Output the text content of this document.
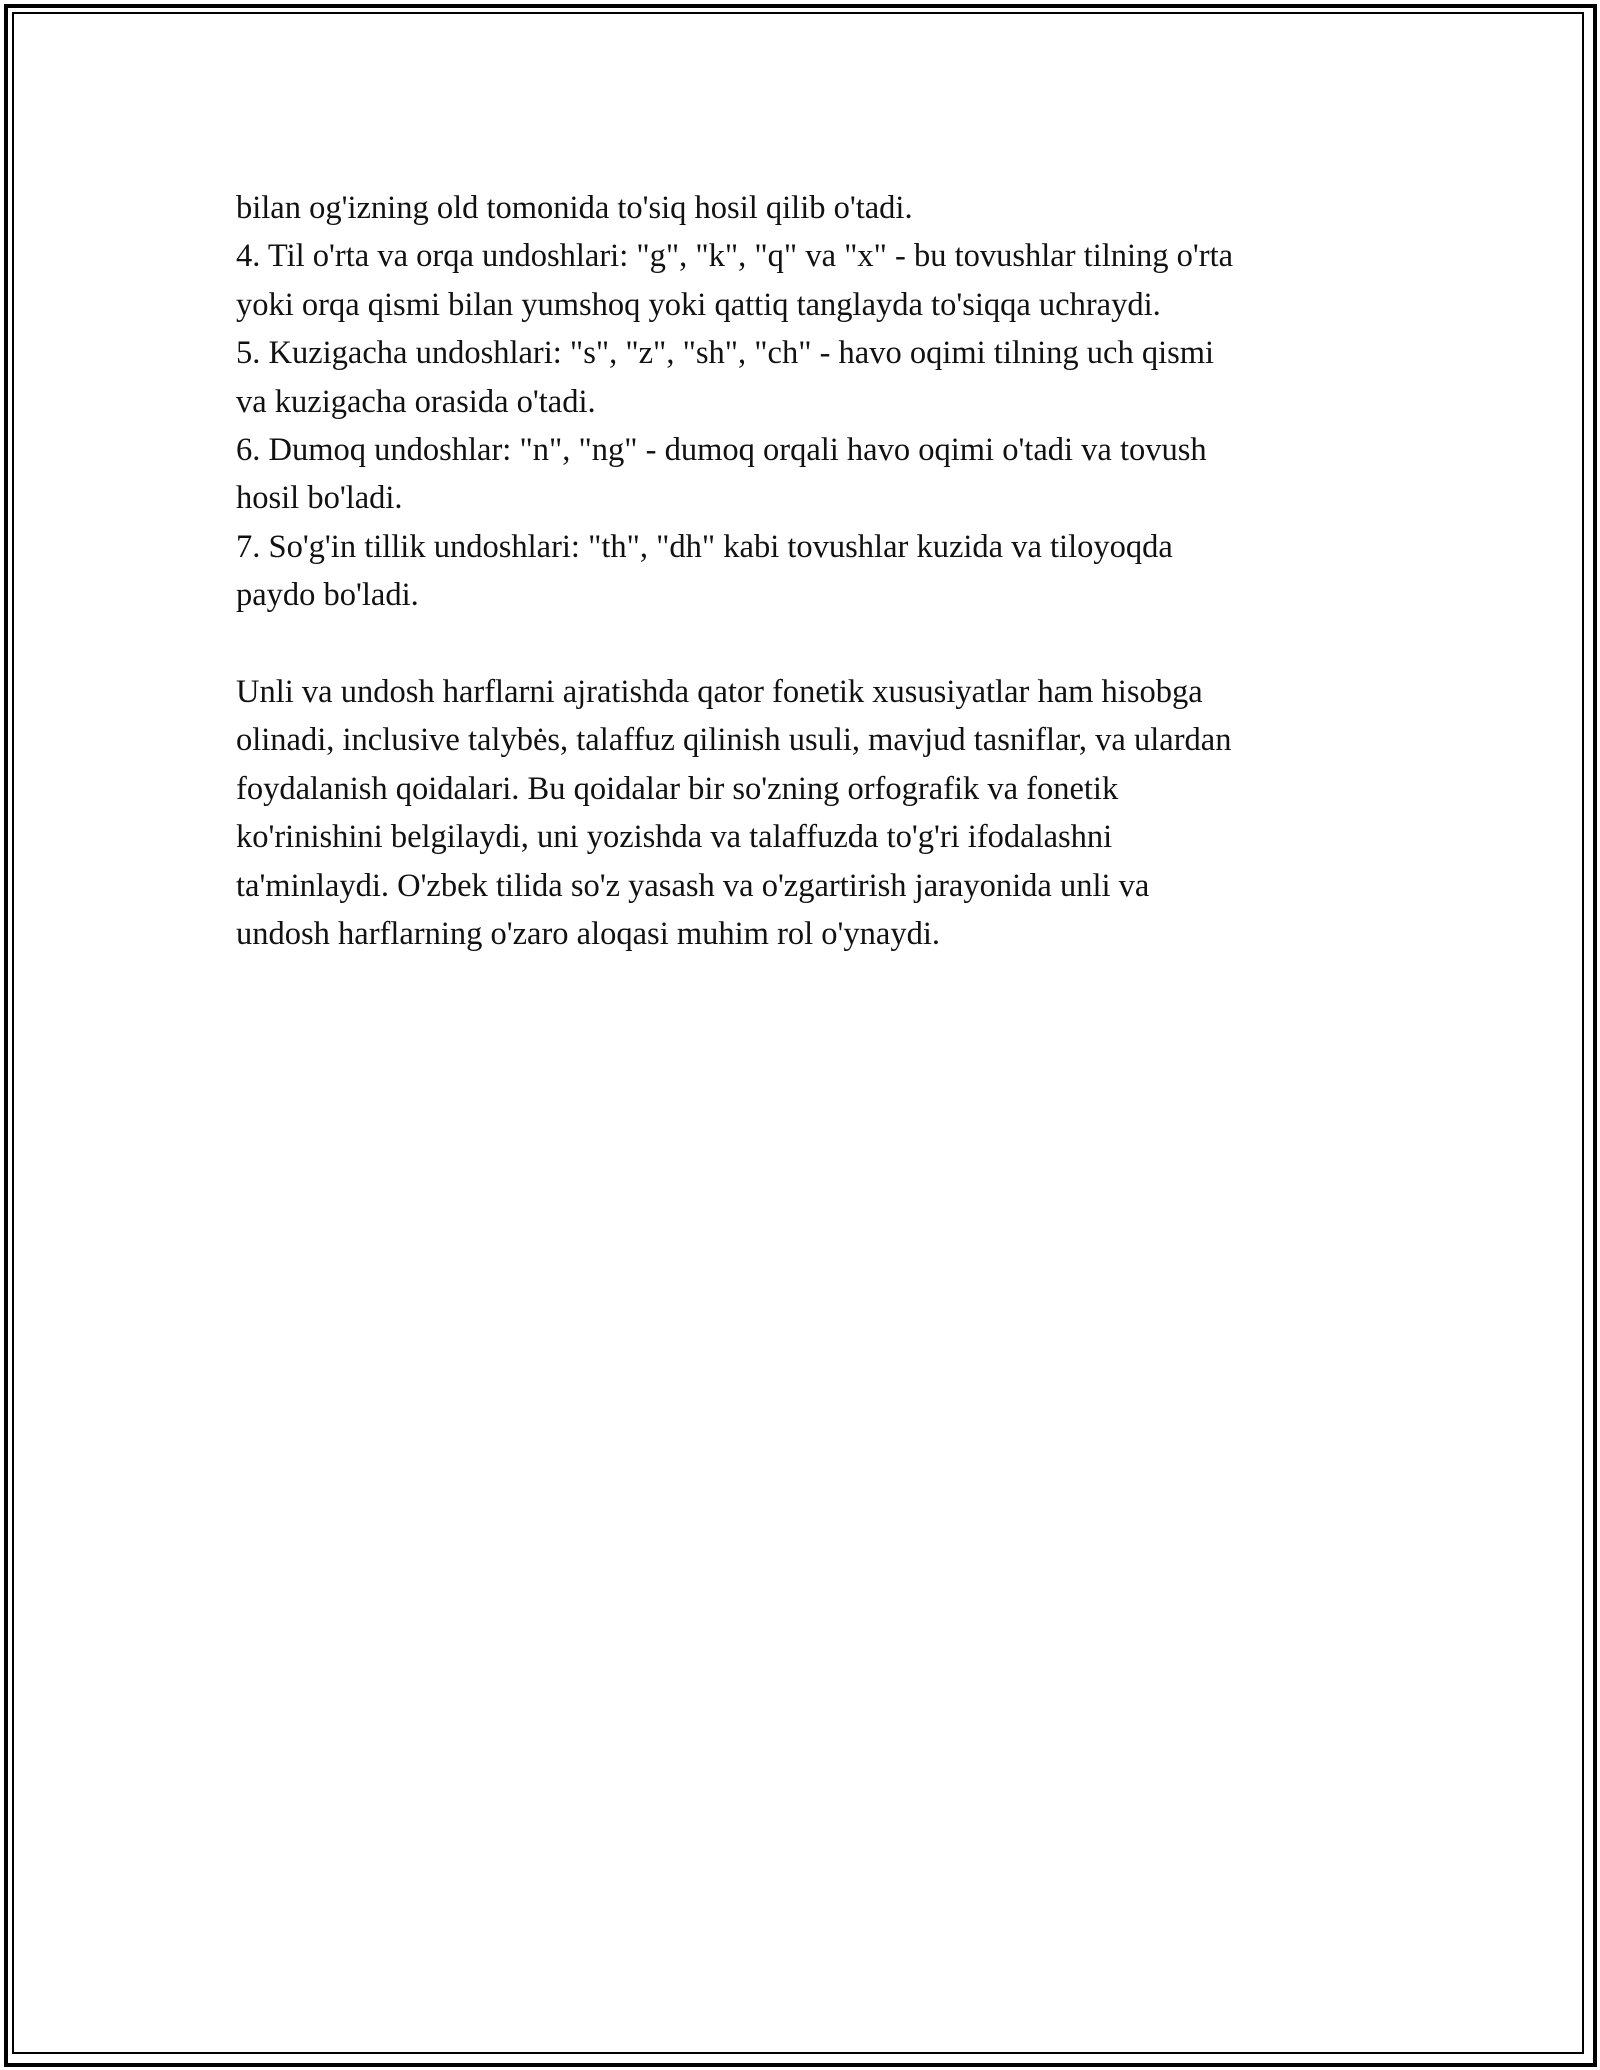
bilan og'izning old tomonida to'siq hosil qilib o'tadi.
4. Til o'rta va orqa undoshlari: "g", "k", "q" va "x" - bu tovushlar tilning o'rta
yoki orqa qismi bilan yumshoq yoki qattiq tanglayda to'siqqa uchraydi.
5. Kuzigacha undoshlari: "s", "z", "sh", "ch" - havo oqimi tilning uch qismi
va kuzigacha orasida o'tadi.
6. Dumoq undoshlar: "n", "ng" - dumoq orqali havo oqimi o'tadi va tovush
hosil bo'ladi.
7. So'g'in tillik undoshlari: "th", "dh" kabi tovushlar kuzida va tiloyoqda
paydo bo'ladi.
Unli va undosh harflarni ajratishda qator fonetik xususiyatlar ham hisobga
olinadi, inclusive talybės, talaffuz qilinish usuli, mavjud tasniflar, va ulardan
foydalanish qoidalari. Bu qoidalar bir so'zning orfografik va fonetik
ko'rinishini belgilaydi, uni yozishda va talaffuzda to'g'ri ifodalashni
ta'minlaydi. O'zbek tilida so'z yasash va o'zgartirish jarayonida unli va
undosh harflarning o'zaro aloqasi muhim rol o'ynaydi.
